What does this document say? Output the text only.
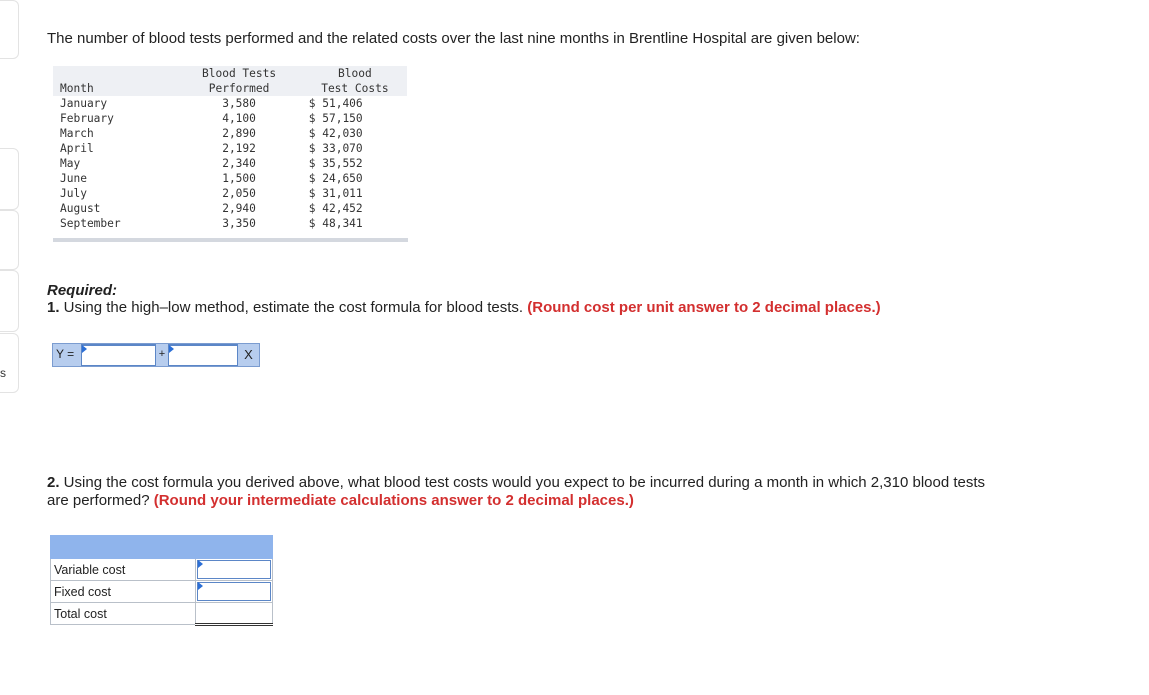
s
The number of blood tests performed and the related costs over the last nine months in Brentline Hospital are given below:
	Blood Tests	Blood
Month	Performed	Test Costs
January	3,580	$ 51,406
February	4,100	$ 57,150
March	2,890	$ 42,030
April	2,192	$ 33,070
May	2,340	$ 35,552
June	1,500	$ 24,650
July	2,050	$ 31,011
August	2,940	$ 42,452
September	3,350	$ 48,341
Required:
1. Using the high–low method, estimate the cost formula for blood tests. (Round cost per unit answer to 2 decimal places.)
Y =	+	X
2. Using the cost formula you derived above, what blood test costs would you expect to be incurred during a month in which 2,310 blood tests are performed? (Round your intermediate calculations answer to 2 decimal places.)

Variable cost	

Fixed cost	

Total cost	
